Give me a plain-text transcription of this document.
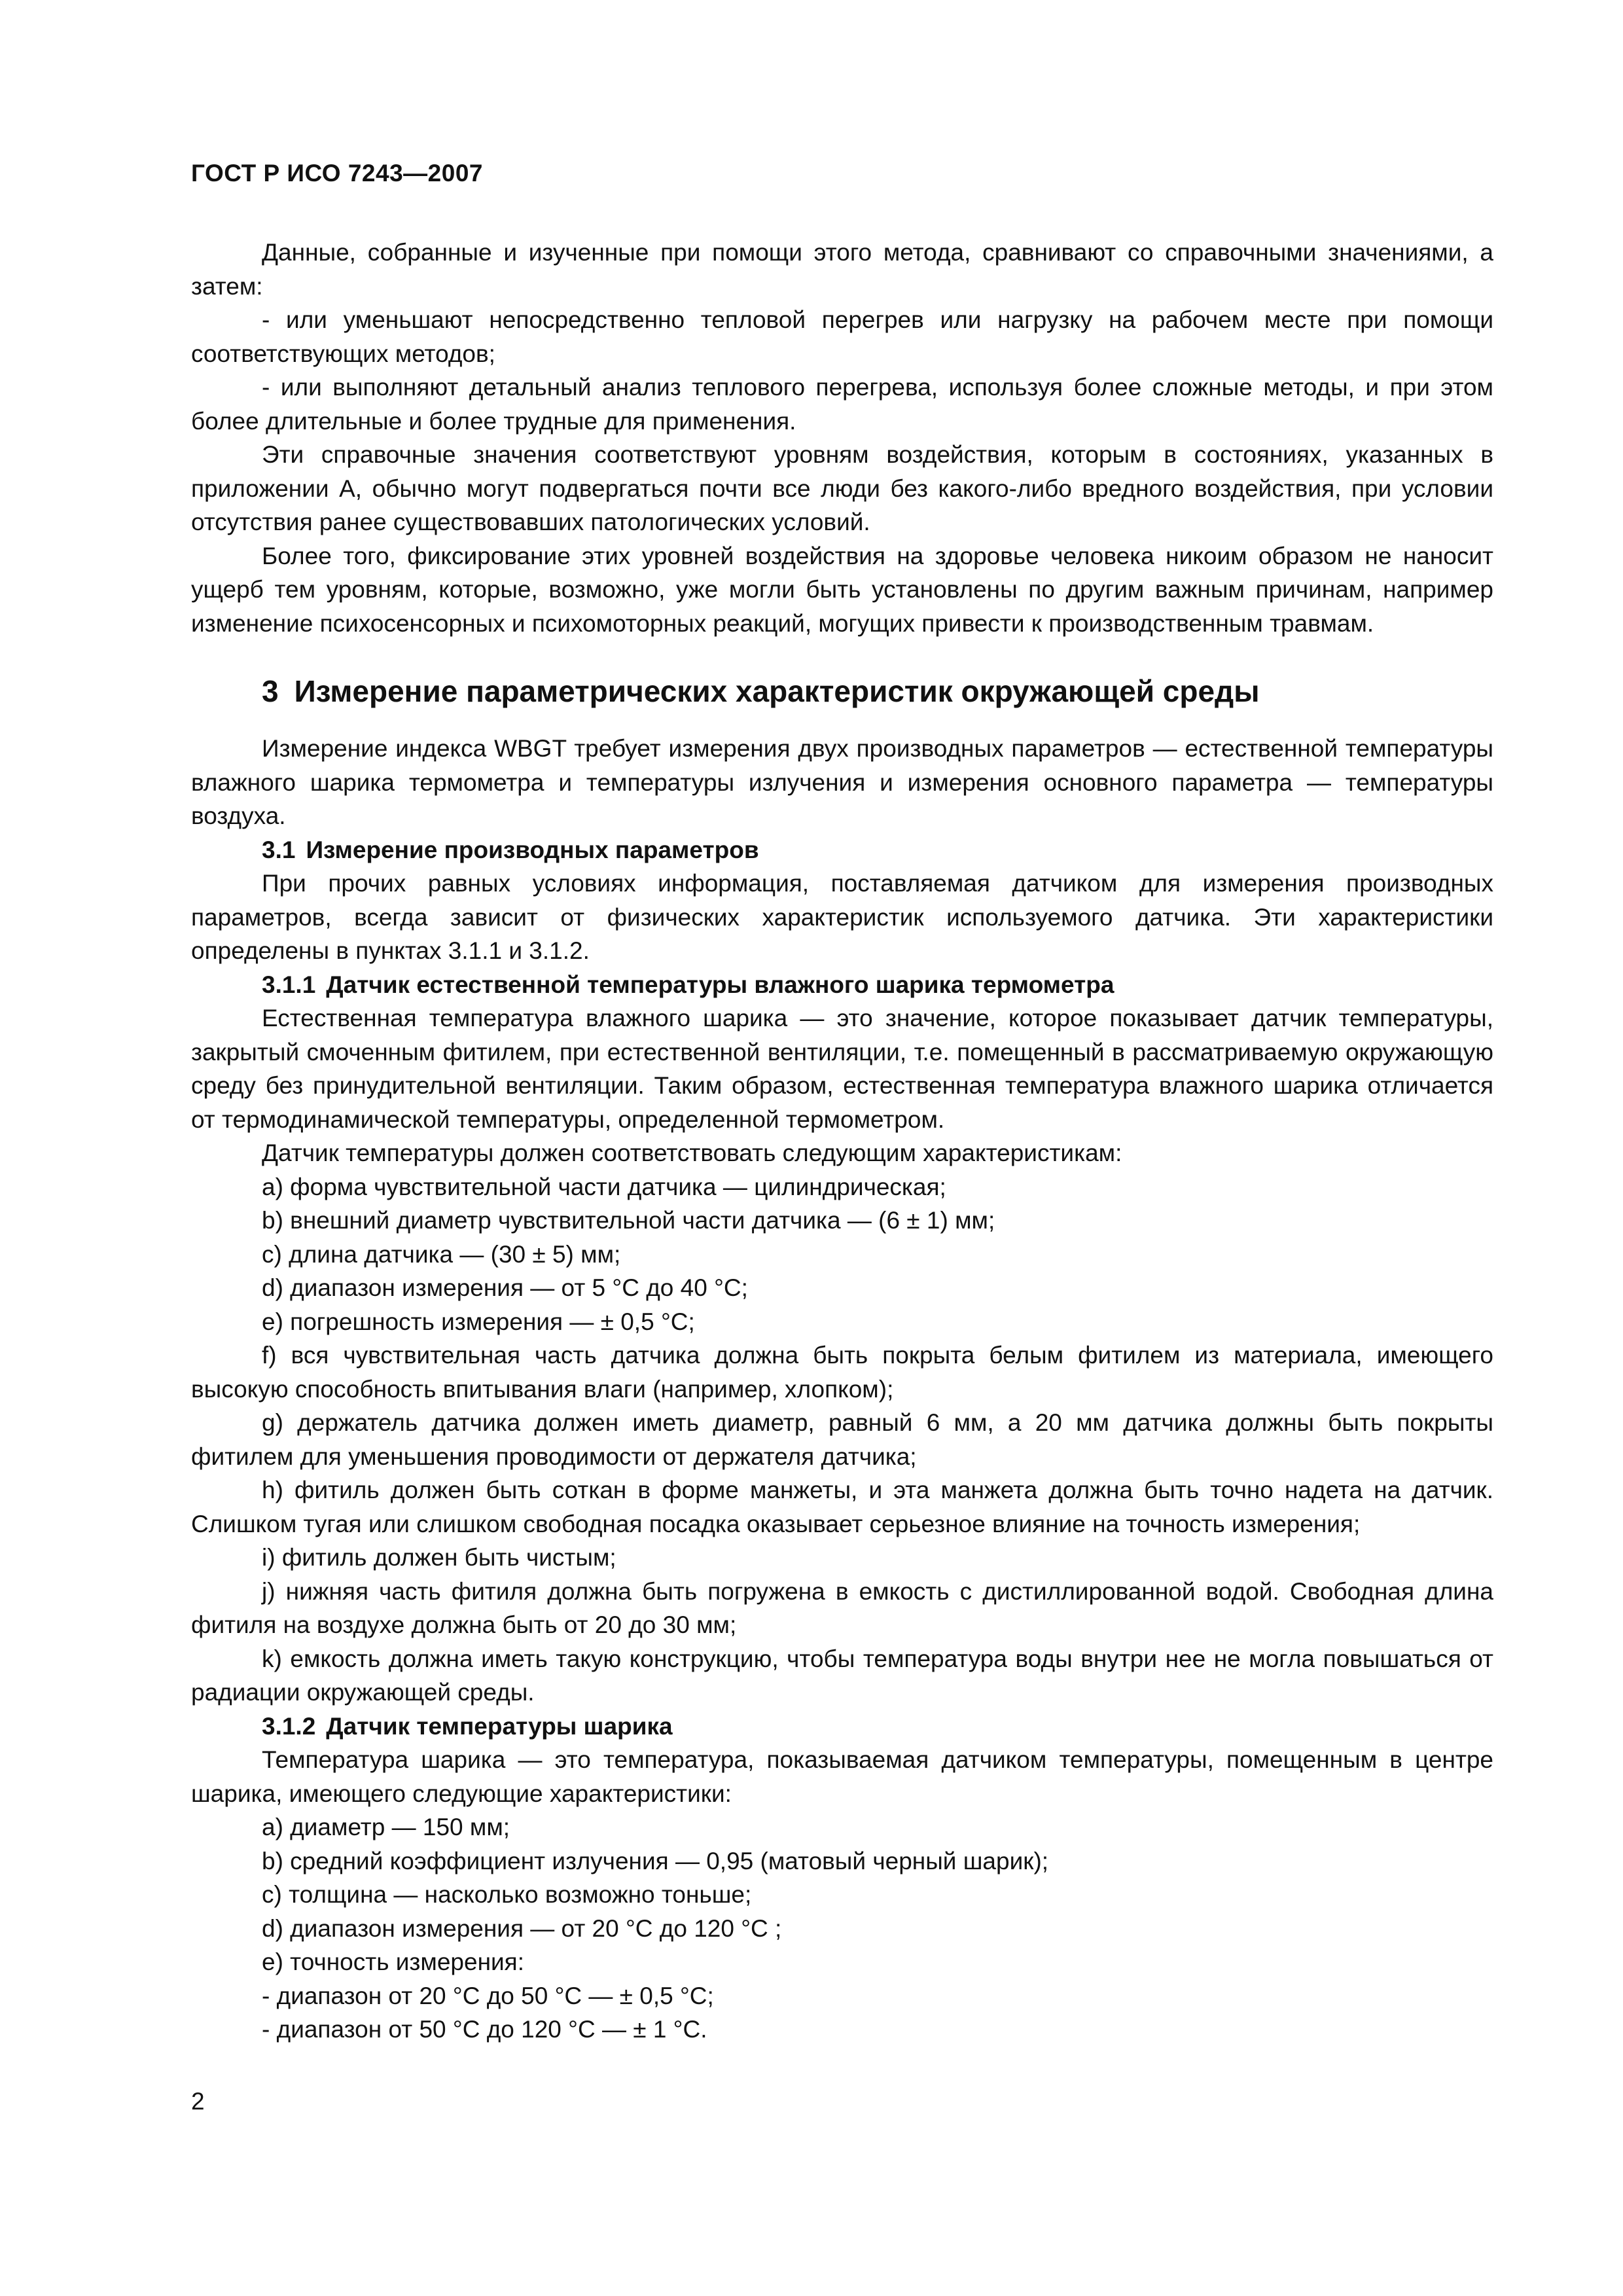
ГОСТ Р ИСО 7243—2007

Данные, собранные и изученные при помощи этого метода, сравнивают со справочными значениями, а затем:

- или уменьшают непосредственно тепловой перегрев или нагрузку на рабочем месте при помощи соответствующих методов;

- или выполняют детальный анализ теплового перегрева, используя более сложные методы, и при этом более длительные и более трудные для применения.

Эти справочные значения соответствуют уровням воздействия, которым в состояниях, указанных в приложении А, обычно могут подвергаться почти все люди без какого-либо вредного воздействия, при условии отсутствия ранее существовавших патологических условий.

Более того, фиксирование этих уровней воздействия на здоровье человека никоим образом не наносит ущерб тем уровням, которые, возможно, уже могли быть установлены по другим важным причинам, например изменение психосенсорных и психомоторных реакций, могущих привести к производственным травмам.

3 Измерение параметрических характеристик окружающей среды

Измерение индекса WBGT требует измерения двух производных параметров — естественной температуры влажного шарика термометра и температуры излучения и измерения основного параметра — температуры воздуха.

3.1 Измерение производных параметров

При прочих равных условиях информация, поставляемая датчиком для измерения производных параметров, всегда зависит от физических характеристик используемого датчика. Эти характеристики определены в пунктах 3.1.1 и 3.1.2.

3.1.1 Датчик естественной температуры влажного шарика термометра

Естественная температура влажного шарика — это значение, которое показывает датчик температуры, закрытый смоченным фитилем, при естественной вентиляции, т.е. помещенный в рассматриваемую окружающую среду без принудительной вентиляции. Таким образом, естественная температура влажного шарика отличается от термодинамической температуры, определенной термометром.

Датчик температуры должен соответствовать следующим характеристикам:

а) форма чувствительной части датчика — цилиндрическая;

b) внешний диаметр чувствительной части датчика — (6 ± 1) мм;

с) длина датчика — (30 ± 5) мм;

d) диапазон измерения — от 5 °С до 40 °С;

е) погрешность измерения — ± 0,5 °С;

f) вся чувствительная часть датчика должна быть покрыта белым фитилем из материала, имеющего высокую способность впитывания влаги (например, хлопком);

g) держатель датчика должен иметь диаметр, равный 6 мм, а 20 мм датчика должны быть покрыты фитилем для уменьшения проводимости от держателя датчика;

h) фитиль должен быть соткан в форме манжеты, и эта манжета должна быть точно надета на датчик. Слишком тугая или слишком свободная посадка оказывает серьезное влияние на точность измерения;

i) фитиль должен быть чистым;

j) нижняя часть фитиля должна быть погружена в емкость с дистиллированной водой. Свободная длина фитиля на воздухе должна быть от 20 до 30 мм;

k) емкость должна иметь такую конструкцию, чтобы температура воды внутри нее не могла повышаться от радиации окружающей среды.

3.1.2 Датчик температуры шарика

Температура шарика — это температура, показываемая датчиком температуры, помещенным в центре шарика, имеющего следующие характеристики:

а) диаметр — 150 мм;

b) средний коэффициент излучения — 0,95 (матовый черный шарик);

с) толщина — насколько возможно тоньше;

d) диапазон измерения — от 20 °С до 120 °С ;

е) точность измерения:

- диапазон от 20 °С до 50 °С — ± 0,5 °С;

- диапазон от 50 °С до 120 °С — ± 1 °С.

2
